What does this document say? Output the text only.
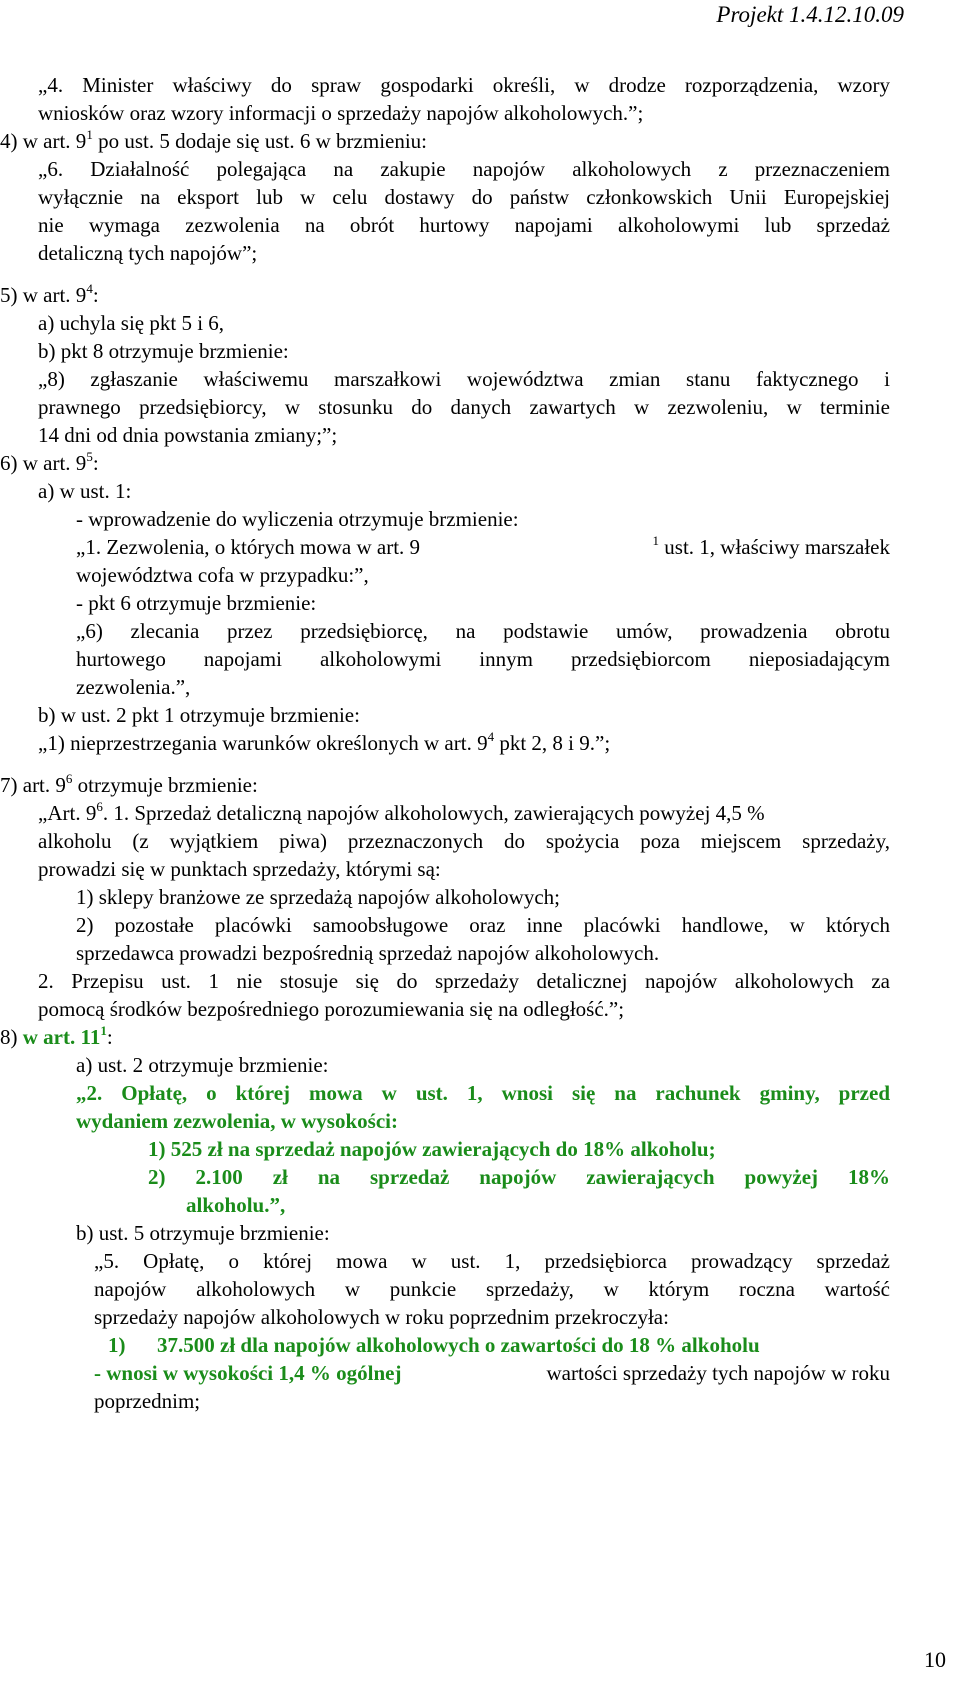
Projekt 1.4.12.10.09
„4. Minister właściwy do spraw gospodarki określi, w drodze rozporządzenia, wzory
wniosków oraz wzory informacji o sprzedaży napojów alkoholowych.”;
4) w art. $9^1$ po ust. 5 dodaje się ust. 6 w brzmieniu:
„6. Działalność polegająca na zakupie napojów alkoholowych z przeznaczeniem
wyłącznie na eksport lub w celu dostawy do państw członkowskich Unii Europejskiej
nie wymaga zezwolenia na obrót hurtowy napojami alkoholowymi lub sprzedaż
detaliczną tych napojów”;
5) w art. $9^4$:
a) uchyla się pkt 5 i 6,
b) pkt 8 otrzymuje brzmienie:
„8) zgłaszanie właściwemu marszałkowi województwa zmian stanu faktycznego i
prawnego przedsiębiorcy, w stosunku do danych zawartych w zezwoleniu, w terminie
14 dni od dnia powstania zmiany;”;
6) w art. $9^5$:
a) w ust. 1:
- wprowadzenie do wyliczenia otrzymuje brzmienie:
„1. Zezwolenia, o których mowa w art. 9	$^1$ ust. 1, właściwy marszałek
województwa cofa w przypadku:”,
- pkt 6 otrzymuje brzmienie:
„6) zlecania przez przedsiębiorcę, na podstawie umów, prowadzenia obrotu
hurtowego napojami alkoholowymi innym przedsiębiorcom nieposiadającym
zezwolenia.”,
b) w ust. 2 pkt 1 otrzymuje brzmienie:
„1) nieprzestrzegania warunków określonych w art. $9^4$ pkt 2, 8 i 9.”;
7) art. $9^6$ otrzymuje brzmienie:
„Art. $9^6$. 1. Sprzedaż detaliczną napojów alkoholowych, zawierających powyżej 4,5 %
alkoholu (z wyjątkiem piwa) przeznaczonych do spożycia poza miejscem sprzedaży,
prowadzi się w punktach sprzedaży, którymi są:
1) sklepy branżowe ze sprzedażą napojów alkoholowych;
2) pozostałe placówki samoobsługowe oraz inne placówki handlowe, w których
sprzedawca prowadzi bezpośrednią sprzedaż napojów alkoholowych.
2. Przepisu ust. 1 nie stosuje się do sprzedaży detalicznej napojów alkoholowych za
pomocą środków bezpośredniego porozumiewania się na odległość.”;
8) w art. $11^1$:
a) ust. 2 otrzymuje brzmienie:
„2. Opłatę, o której mowa w ust. 1, wnosi się na rachunek gminy, przed
wydaniem zezwolenia, w wysokości:
1) 525 zł na sprzedaż napojów zawierających do 18% alkoholu;
2) 2.100 zł na sprzedaż napojów zawierających powyżej 18%
alkoholu.”,
b) ust. 5 otrzymuje brzmienie:
„5. Opłatę, o której mowa w ust. 1, przedsiębiorca prowadzący sprzedaż
napojów alkoholowych w punkcie sprzedaży, w którym roczna wartość
sprzedaży napojów alkoholowych w roku poprzednim przekroczyła:
1)      37.500 zł dla napojów alkoholowych o zawartości do 18 % alkoholu
- wnosi w wysokości 1,4 % ogólnej	wartości sprzedaży tych napojów w roku
poprzednim;
10
